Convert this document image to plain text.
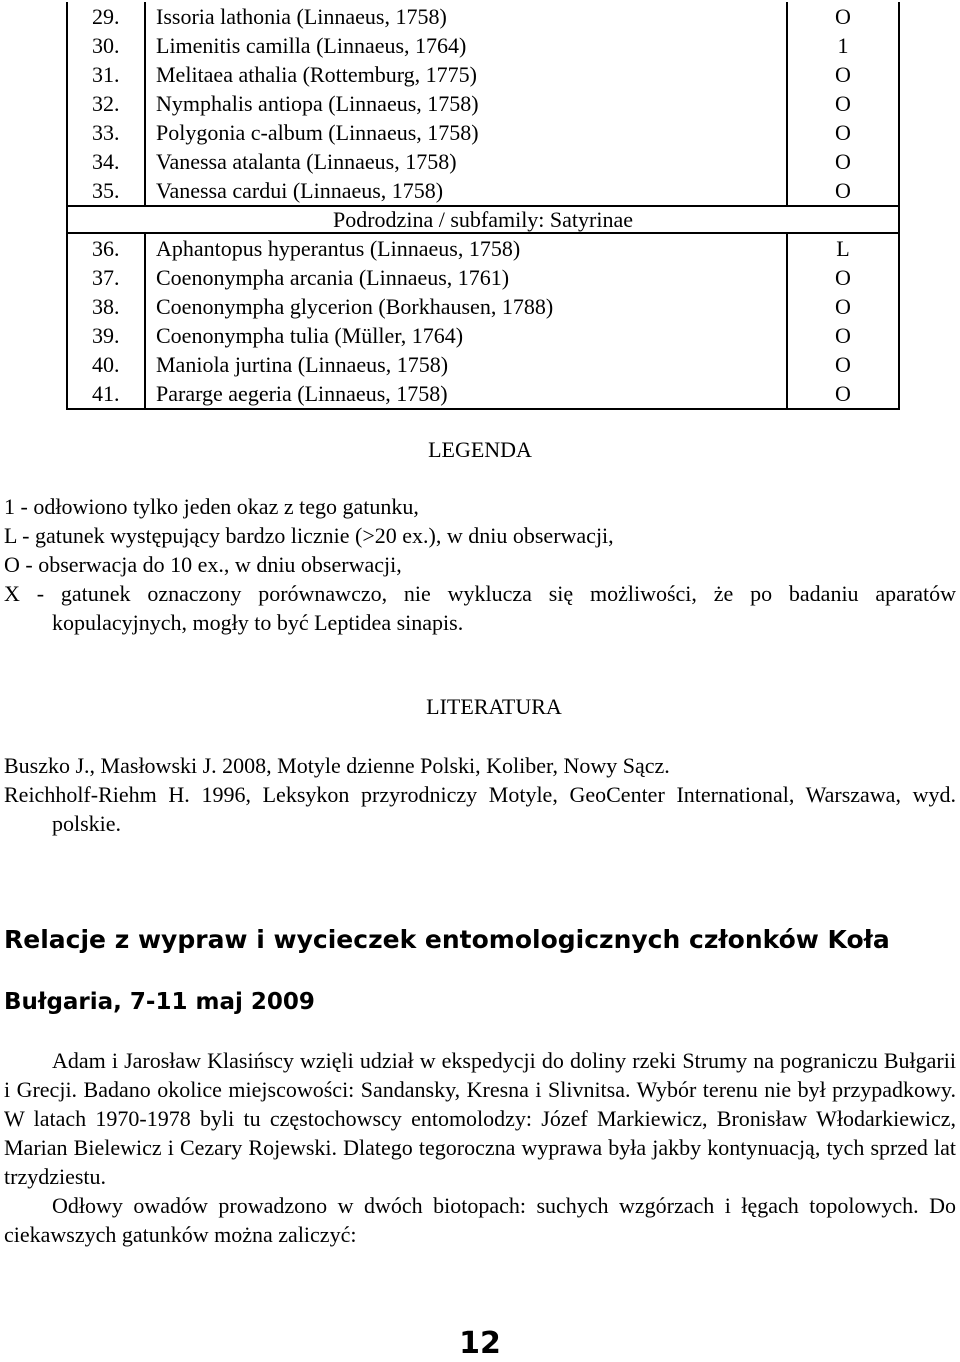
29.	Issoria lathonia (Linnaeus, 1758)	O
30.	Limenitis camilla (Linnaeus, 1764)	1
31.	Melitaea athalia (Rottemburg, 1775)	O
32.	Nymphalis antiopa (Linnaeus, 1758)	O
33.	Polygonia c-album (Linnaeus, 1758)	O
34.	Vanessa atalanta (Linnaeus, 1758)	O
35.	Vanessa cardui (Linnaeus, 1758)	O
Podrodzina / subfamily: Satyrinae
36.	Aphantopus hyperantus (Linnaeus, 1758)	L
37.	Coenonympha arcania (Linnaeus, 1761)	O
38.	Coenonympha glycerion (Borkhausen, 1788)	O
39.	Coenonympha tulia (Müller, 1764)	O
40.	Maniola jurtina (Linnaeus, 1758)	O
41.	Pararge aegeria (Linnaeus, 1758)	O
LEGENDA
1 - odłowiono tylko jeden okaz z tego gatunku,
L - gatunek występujący bardzo licznie (>20 ex.), w dniu obserwacji,
O - obserwacja do 10 ex., w dniu obserwacji,
X - gatunek oznaczony porównawczo, nie wyklucza się możliwości, że po badaniu aparatów kopulacyjnych, mogły to być Leptidea sinapis.
LITERATURA
Buszko J., Masłowski J. 2008, Motyle dzienne Polski, Koliber, Nowy Sącz.
Reichholf-Riehm H. 1996, Leksykon przyrodniczy Motyle, GeoCenter International, Warszawa, wyd. polskie.
Relacje z wypraw i wycieczek entomologicznych członków Koła
Bułgaria, 7-11 maj 2009
Adam i Jarosław Klasińscy wzięli udział w ekspedycji do doliny rzeki Strumy na pograniczu Bułgarii i Grecji. Badano okolice miejscowości: Sandansky, Kresna i Slivnitsa. Wybór terenu nie był przypadkowy. W latach 1970-1978 byli tu częstochowscy entomolodzy: Józef Markiewicz, Bronisław Włodarkiewicz, Marian Bielewicz i Cezary Rojewski. Dlatego tegoroczna wyprawa była jakby kontynuacją, tych sprzed lat trzydziestu.
Odłowy owadów prowadzono w dwóch biotopach: suchych wzgórzach i łęgach topolowych. Do ciekawszych gatunków można zaliczyć:
12
